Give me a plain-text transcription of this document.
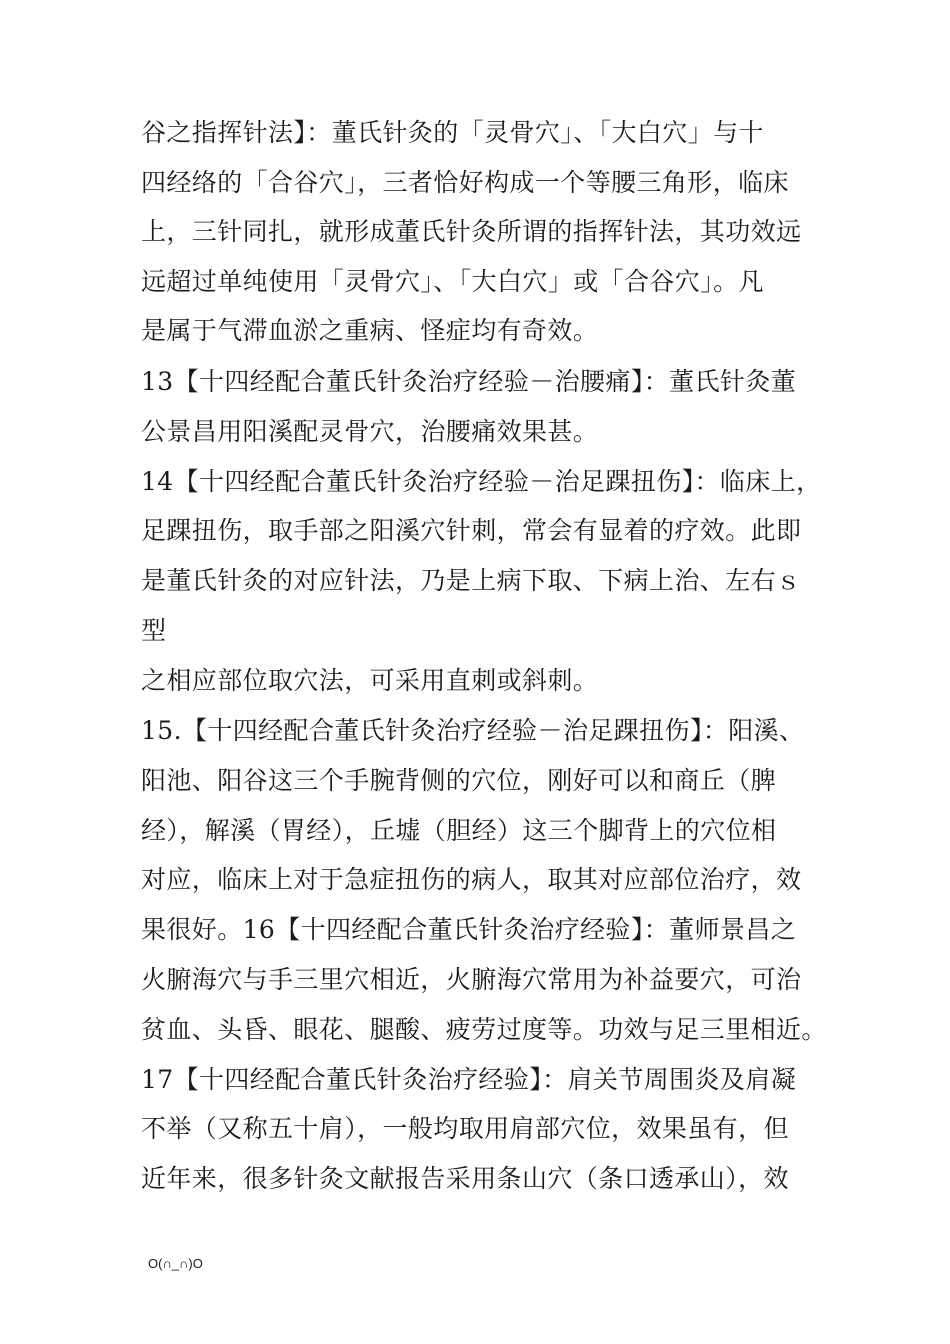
谷之指挥针法】：董氏针灸的「灵骨穴」、「大白穴」与十
四经络的「合谷穴」，三者恰好构成一个等腰三角形，临床
上，三针同扎，就形成董氏针灸所谓的指挥针法，其功效远
远超过单纯使用「灵骨穴」、「大白穴」或「合谷穴」。凡
是属于气滞血淤之重病、怪症均有奇效。
13【十四经配合董氏针灸治疗经验－治腰痛】：董氏针灸董
公景昌用阳溪配灵骨穴，治腰痛效果甚。
14【十四经配合董氏针灸治疗经验－治足踝扭伤】：临床上，
足踝扭伤，取手部之阳溪穴针刺，常会有显着的疗效。此即
是董氏针灸的对应针法，乃是上病下取、下病上治、左右ｓ
型
之相应部位取穴法，可采用直刺或斜刺。
15.【十四经配合董氏针灸治疗经验－治足踝扭伤】：阳溪、
阳池、阳谷这三个手腕背侧的穴位，刚好可以和商丘（脾
经），解溪（胃经），丘墟（胆经）这三个脚背上的穴位相
对应，临床上对于急症扭伤的病人，取其对应部位治疗，效
果很好。16【十四经配合董氏针灸治疗经验】：董师景昌之
火腑海穴与手三里穴相近，火腑海穴常用为补益要穴，可治
贫血、头昏、眼花、腿酸、疲劳过度等。功效与足三里相近。
17【十四经配合董氏针灸治疗经验】：肩关节周围炎及肩凝
不举（又称五十肩），一般均取用肩部穴位，效果虽有，但
近年来，很多针灸文献报告采用条山穴（条口透承山），效
O(∩_∩)O
